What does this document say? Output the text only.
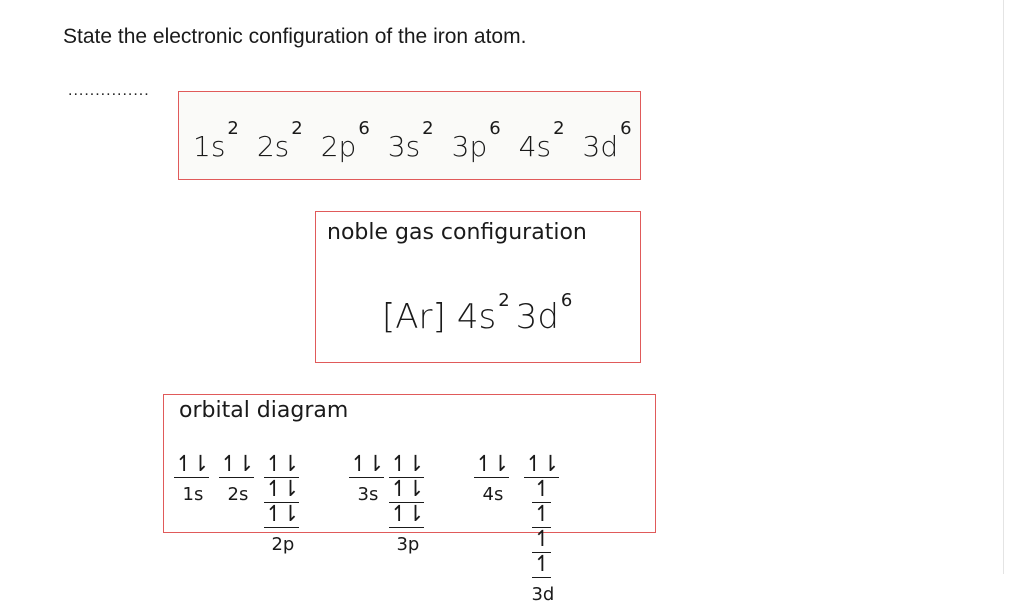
State the electronic configuration of the iron atom.
...............
$1s^22s^22p^63s^23p^64s^23d^6$
noble gas configuration
[Ar] 4s $^2$ 3d $^6$
orbital diagram
↿⇂
1s
↿⇂
2s
↿⇂↿⇂↿⇂
2p
↿⇂
3s
↿⇂↿⇂↿⇂
3p
↿⇂
4s
↿⇂↿↿↿↿
3d
